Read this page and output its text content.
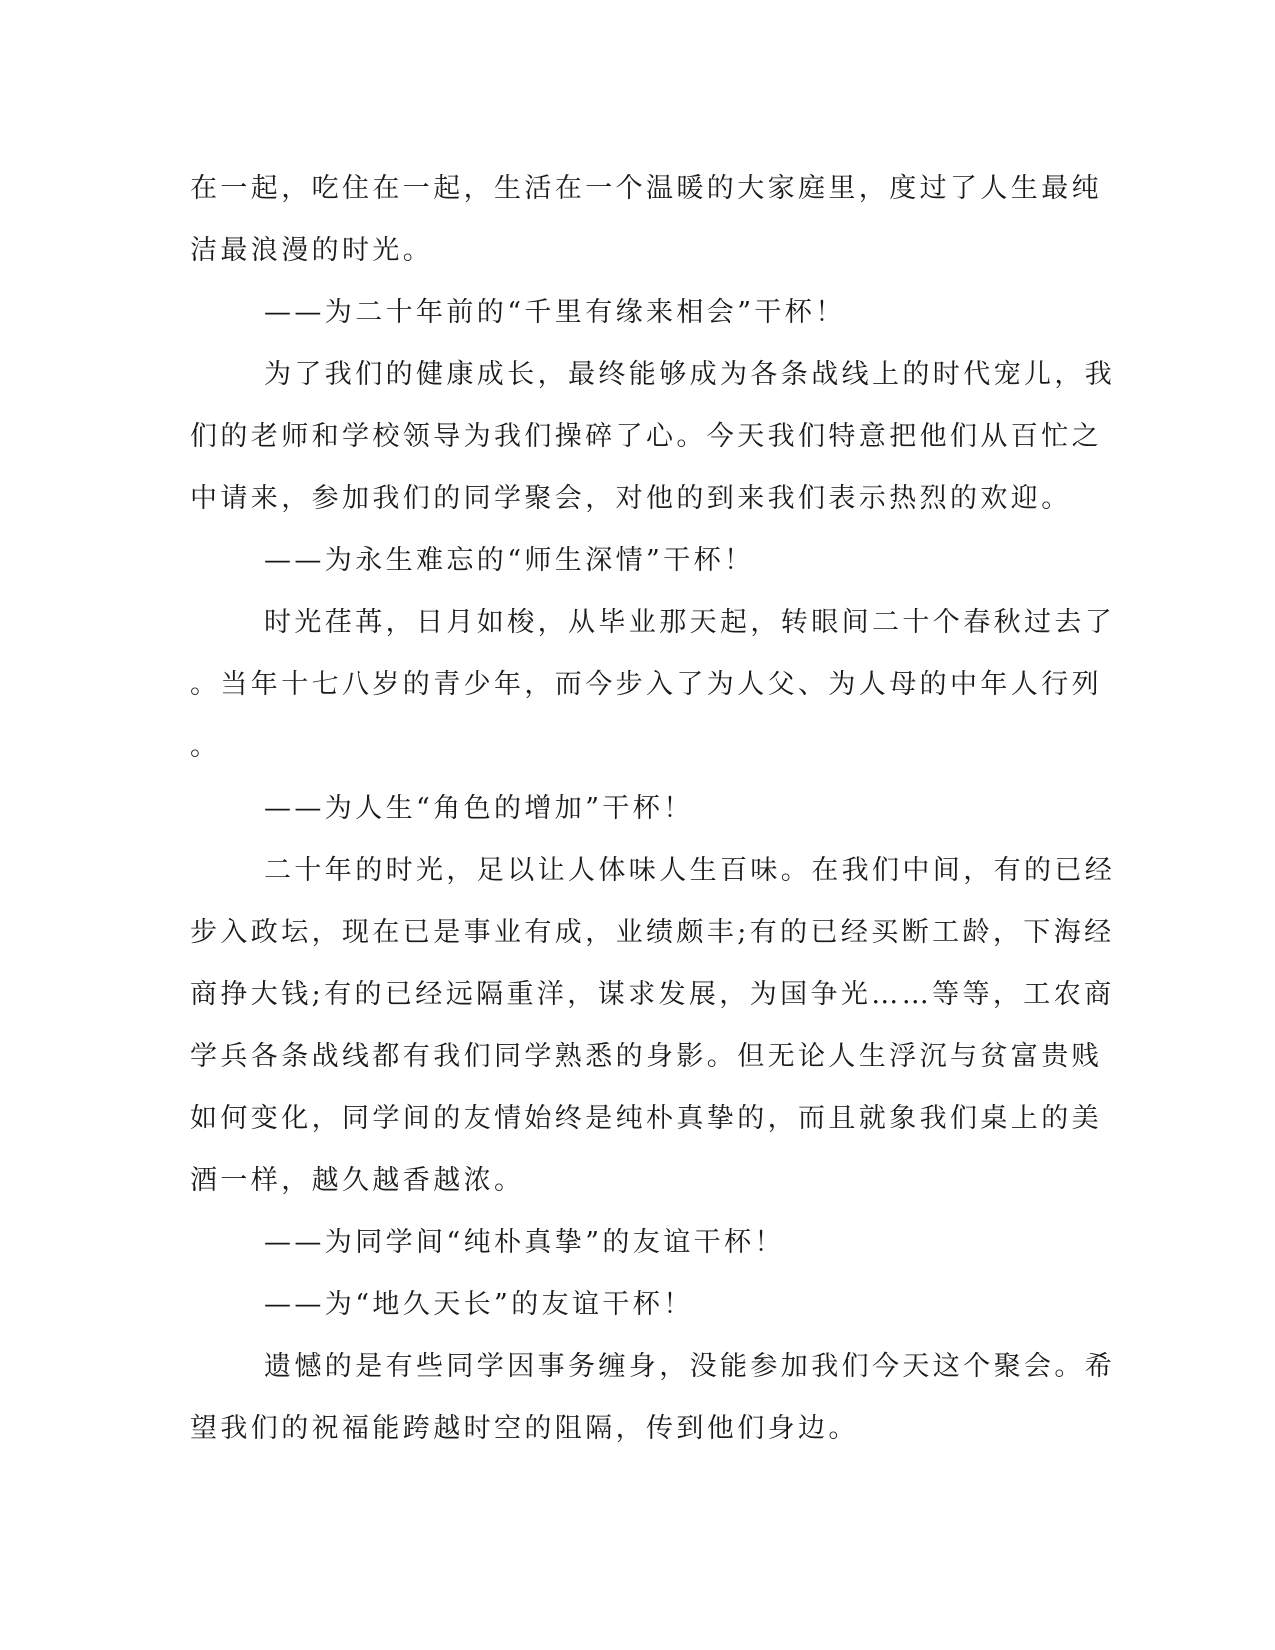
在一起，吃住在一起，生活在一个温暖的大家庭里，度过了人生最纯
洁最浪漫的时光。

——为二十年前的“千里有缘来相会”干杯！

为了我们的健康成长，最终能够成为各条战线上的时代宠儿，我
们的老师和学校领导为我们操碎了心。今天我们特意把他们从百忙之
中请来，参加我们的同学聚会，对他的到来我们表示热烈的欢迎。

——为永生难忘的“师生深情”干杯！

时光荏苒，日月如梭，从毕业那天起，转眼间二十个春秋过去了
。当年十七八岁的青少年，而今步入了为人父、为人母的中年人行列
。

——为人生“角色的增加”干杯！

二十年的时光，足以让人体味人生百味。在我们中间，有的已经
步入政坛，现在已是事业有成，业绩颇丰;有的已经买断工龄，下海经
商挣大钱;有的已经远隔重洋，谋求发展，为国争光……等等，工农商
学兵各条战线都有我们同学熟悉的身影。但无论人生浮沉与贫富贵贱
如何变化，同学间的友情始终是纯朴真挚的，而且就象我们桌上的美
酒一样，越久越香越浓。

——为同学间“纯朴真挚”的友谊干杯！

——为“地久天长”的友谊干杯！

遗憾的是有些同学因事务缠身，没能参加我们今天这个聚会。希
望我们的祝福能跨越时空的阻隔，传到他们身边。
